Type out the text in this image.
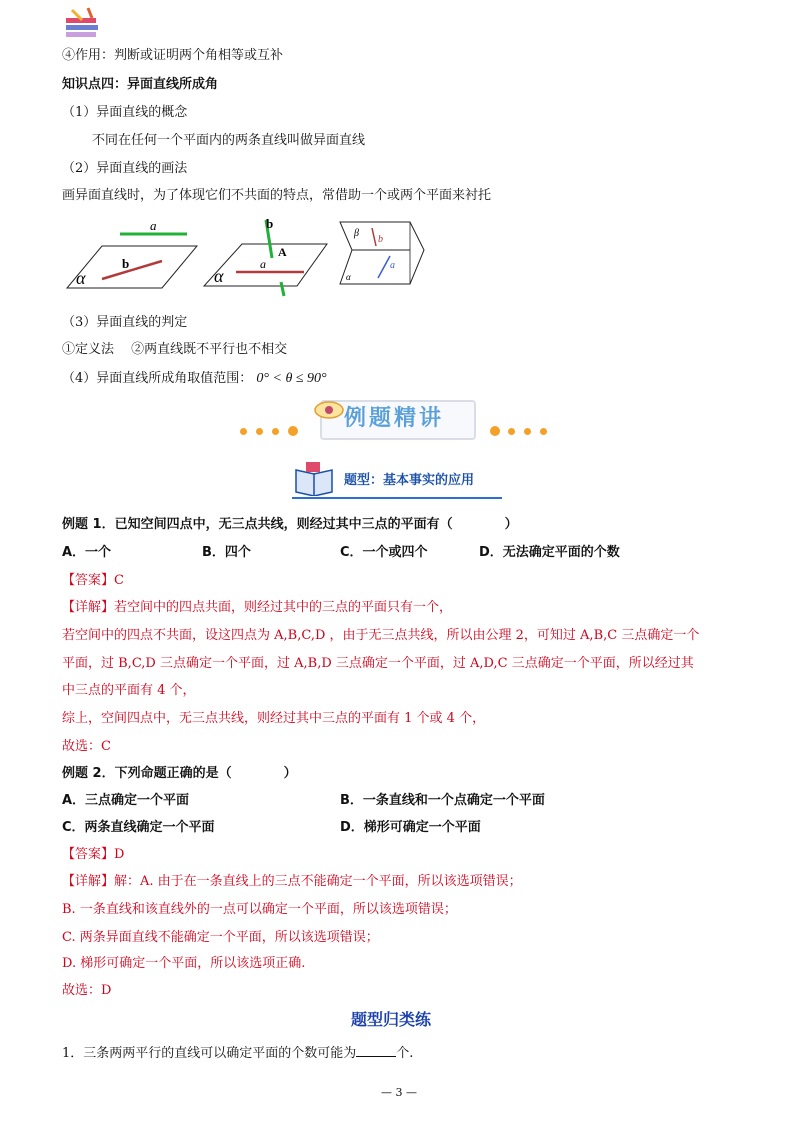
④作用：判断或证明两个角相等或互补
知识点四：异面直线所成角
（1）异面直线的概念
不同在任何一个平面内的两条直线叫做异面直线
（2）异面直线的画法
画异面直线时，为了体现它们不共面的特点，常借助一个或两个平面来衬托
a
b
α
b
A
a
α
b
β
a
α
（3）异面直线的判定
①定义法　 ②两直线既不平行也不相交
（4）异面直线所成角取值范围： 0° < θ ≤ 90°
例题精讲
题型：基本事实的应用
例题 1．已知空间四点中，无三点共线，则经过其中三点的平面有（　　　　）
A．一个	B．四个	C．一个或四个	D．无法确定平面的个数
【答案】C
【详解】若空间中的四点共面，则经过其中的三点的平面只有一个，
若空间中的四点不共面，设这四点为 A,B,C,D ，由于无三点共线，所以由公理 2，可知过 A,B,C 三点确定一个
平面，过 B,C,D 三点确定一个平面，过 A,B,D 三点确定一个平面，过 A,D,C 三点确定一个平面，所以经过其
中三点的平面有 4 个，
综上，空间四点中，无三点共线，则经过其中三点的平面有 1 个或 4 个，
故选：C
例题 2．下列命题正确的是（　　　　）
A．三点确定一个平面	B．一条直线和一个点确定一个平面
C．两条直线确定一个平面	D．梯形可确定一个平面
【答案】D
【详解】解：A. 由于在一条直线上的三点不能确定一个平面，所以该选项错误；
B. 一条直线和该直线外的一点可以确定一个平面，所以该选项错误；
C. 两条异面直线不能确定一个平面，所以该选项错误；
D. 梯形可确定一个平面，所以该选项正确.
故选：D
题型归类练
1．三条两两平行的直线可以确定平面的个数可能为	个.
— 3 —
